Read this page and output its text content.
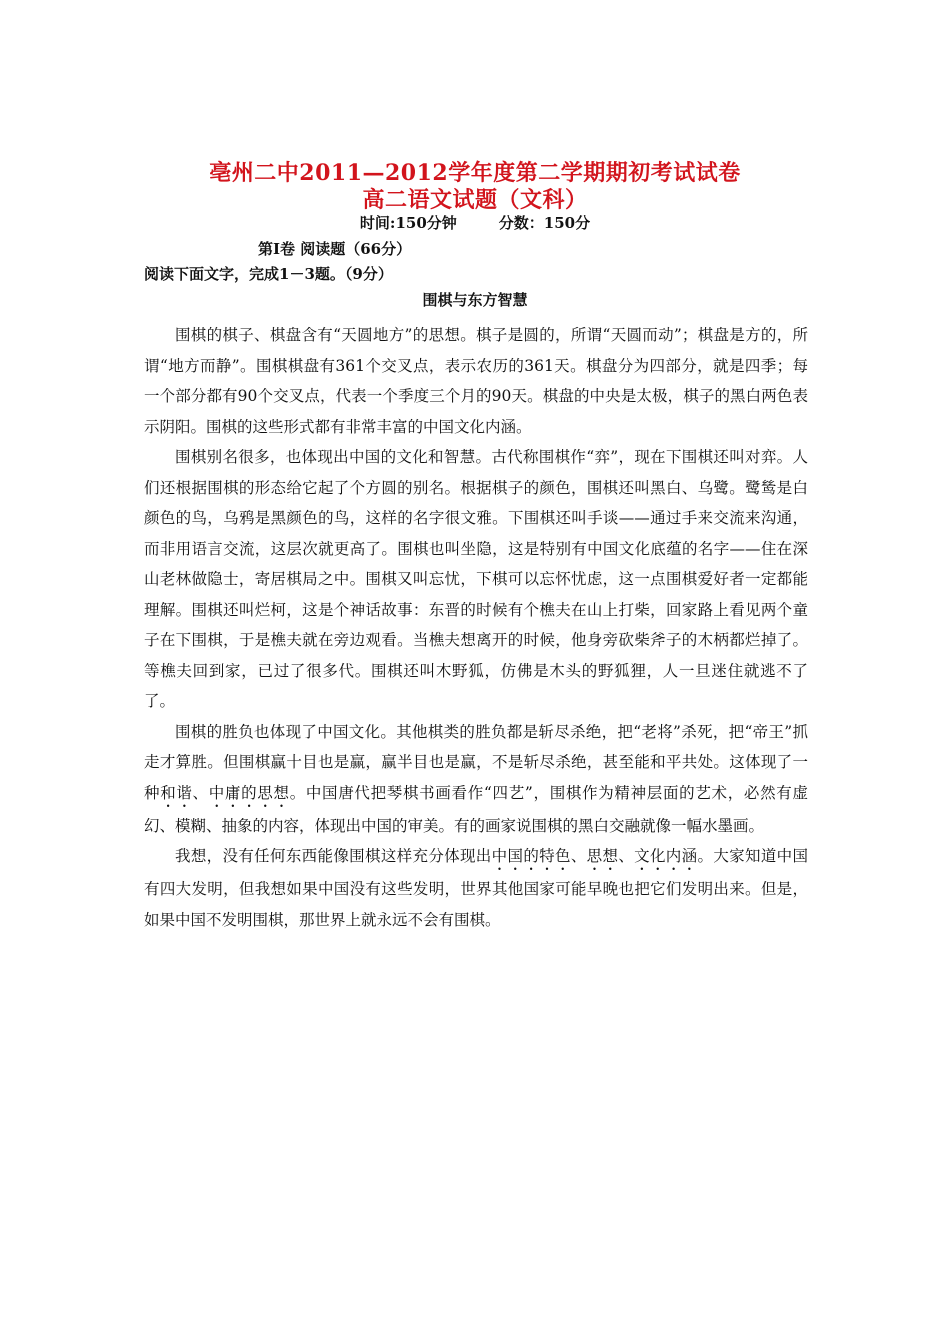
亳州二中2011—2012学年度第二学期期初考试试卷
高二语文试题（文科）
时间:150分钟	分数：150分
第Ⅰ卷 阅读题（66分）
阅读下面文字，完成1－3题。（9分）
围棋与东方智慧

围棋的棋子、棋盘含有“天圆地方”的思想。棋子是圆的，所谓“天圆而动”；棋盘是方的，所谓“地方而静”。围棋棋盘有361个交叉点，表示农历的361天。棋盘分为四部分，就是四季；每一个部分都有90个交叉点，代表一个季度三个月的90天。棋盘的中央是太极，棋子的黑白两色表示阴阳。围棋的这些形式都有非常丰富的中国文化内涵。

围棋别名很多，也体现出中国的文化和智慧。古代称围棋作“弈”，现在下围棋还叫对弈。人们还根据围棋的形态给它起了个方圆的别名。根据棋子的颜色，围棋还叫黑白、乌鹭。鹭鸶是白颜色的鸟，乌鸦是黑颜色的鸟，这样的名字很文雅。下围棋还叫手谈——通过手来交流来沟通，而非用语言交流，这层次就更高了。围棋也叫坐隐，这是特别有中国文化底蕴的名字——住在深山老林做隐士，寄居棋局之中。围棋又叫忘忧，下棋可以忘怀忧虑，这一点围棋爱好者一定都能理解。围棋还叫烂柯，这是个神话故事：东晋的时候有个樵夫在山上打柴，回家路上看见两个童子在下围棋，于是樵夫就在旁边观看。当樵夫想离开的时候，他身旁砍柴斧子的木柄都烂掉了。等樵夫回到家，已过了很多代。围棋还叫木野狐，仿佛是木头的野狐狸，人一旦迷住就逃不了了。

围棋的胜负也体现了中国文化。其他棋类的胜负都是斩尽杀绝，把“老将”杀死，把“帝王”抓走才算胜。但围棋赢十目也是赢，赢半目也是赢，不是斩尽杀绝，甚至能和平共处。这体现了一种和谐、中庸的思想。中国唐代把琴棋书画看作“四艺”，围棋作为精神层面的艺术，必然有虚幻、模糊、抽象的内容，体现出中国的审美。有的画家说围棋的黑白交融就像一幅水墨画。

我想，没有任何东西能像围棋这样充分体现出中国的特色、思想、文化内涵。大家知道中国有四大发明，但我想如果中国没有这些发明，世界其他国家可能早晚也把它们发明出来。但是，如果中国不发明围棋，那世界上就永远不会有围棋。
